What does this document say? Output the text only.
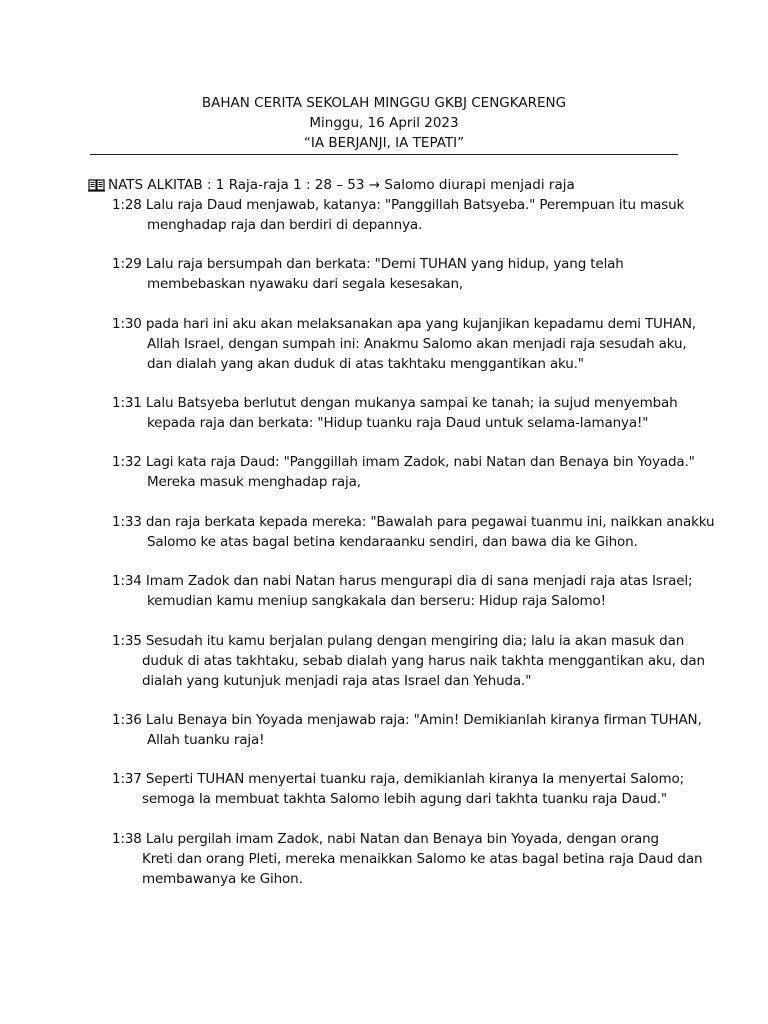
BAHAN CERITA SEKOLAH MINGGU GKBJ CENGKARENG
Minggu, 16 April 2023
“IA BERJANJI, IA TEPATI”
NATS ALKITAB : 1 Raja-raja 1 : 28 – 53 → Salomo diurapi menjadi raja
1:28 Lalu raja Daud menjawab, katanya: "Panggillah Batsyeba." Perempuan itu masuk
menghadap raja dan berdiri di depannya.
1:29 Lalu raja bersumpah dan berkata: "Demi TUHAN yang hidup, yang telah
membebaskan nyawaku dari segala kesesakan,
1:30 pada hari ini aku akan melaksanakan apa yang kujanjikan kepadamu demi TUHAN,
Allah Israel, dengan sumpah ini: Anakmu Salomo akan menjadi raja sesudah aku,
dan dialah yang akan duduk di atas takhtaku menggantikan aku."
1:31 Lalu Batsyeba berlutut dengan mukanya sampai ke tanah; ia sujud menyembah
kepada raja dan berkata: "Hidup tuanku raja Daud untuk selama-lamanya!"
1:32 Lagi kata raja Daud: "Panggillah imam Zadok, nabi Natan dan Benaya bin Yoyada."
Mereka masuk menghadap raja,
1:33 dan raja berkata kepada mereka: "Bawalah para pegawai tuanmu ini, naikkan anakku
Salomo ke atas bagal betina kendaraanku sendiri, dan bawa dia ke Gihon.
1:34 Imam Zadok dan nabi Natan harus mengurapi dia di sana menjadi raja atas Israel;
kemudian kamu meniup sangkakala dan berseru: Hidup raja Salomo!
1:35 Sesudah itu kamu berjalan pulang dengan mengiring dia; lalu ia akan masuk dan
duduk di atas takhtaku, sebab dialah yang harus naik takhta menggantikan aku, dan
dialah yang kutunjuk menjadi raja atas Israel dan Yehuda."
1:36 Lalu Benaya bin Yoyada menjawab raja: "Amin! Demikianlah kiranya firman TUHAN,
Allah tuanku raja!
1:37 Seperti TUHAN menyertai tuanku raja, demikianlah kiranya Ia menyertai Salomo;
semoga Ia membuat takhta Salomo lebih agung dari takhta tuanku raja Daud."
1:38 Lalu pergilah imam Zadok, nabi Natan dan Benaya bin Yoyada, dengan orang
Kreti dan orang Pleti, mereka menaikkan Salomo ke atas bagal betina raja Daud dan
membawanya ke Gihon.
